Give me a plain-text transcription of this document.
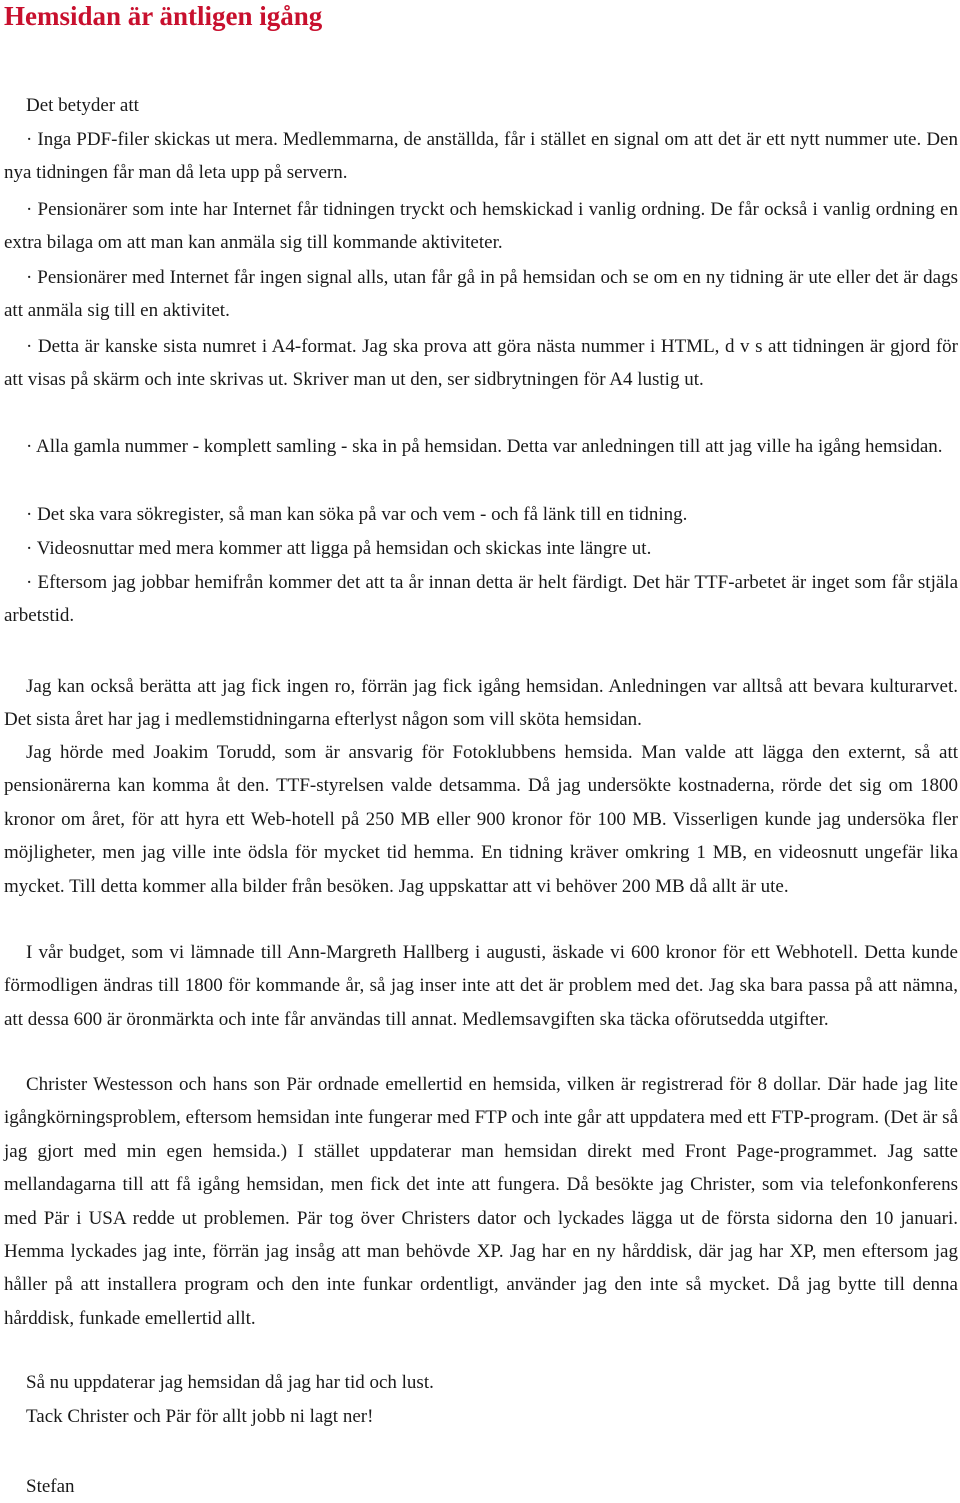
Hemsidan är äntligen igång

Det betyder att

· Inga PDF-filer skickas ut mera. Medlemmarna, de anställda, får i stället en signal om att det är ett nytt nummer ute. Den nya tidningen får man då leta upp på servern.

· Pensionärer som inte har Internet får tidningen tryckt och hemskickad i vanlig ordning. De får också i vanlig ordning en extra bilaga om att man kan anmäla sig till kommande aktiviteter.

· Pensionärer med Internet får ingen signal alls, utan får gå in på hemsidan och se om en ny tidning är ute eller det är dags att anmäla sig till en aktivitet.

· Detta är kanske sista numret i A4-format. Jag ska prova att göra nästa nummer i HTML, d v s att tidningen är gjord för att visas på skärm och inte skrivas ut. Skriver man ut den, ser sidbrytningen för A4 lustig ut.

· Alla gamla nummer - komplett samling - ska in på hemsidan. Detta var anledningen till att jag ville ha igång hemsidan.

· Det ska vara sökregister, så man kan söka på var och vem - och få länk till en tidning.

· Videosnuttar med mera kommer att ligga på hemsidan och skickas inte längre ut.

· Eftersom jag jobbar hemifrån kommer det att ta år innan detta är helt färdigt. Det här TTF-arbetet är inget som får stjäla arbetstid.

Jag kan också berätta att jag fick ingen ro, förrän jag fick igång hemsidan. Anledningen var alltså att bevara kulturarvet. Det sista året har jag i medlemstidningarna efterlyst någon som vill sköta hemsidan.

Jag hörde med Joakim Torudd, som är ansvarig för Fotoklubbens hemsida. Man valde att lägga den externt, så att pensionärerna kan komma åt den. TTF-styrelsen valde detsamma. Då jag undersökte kostnaderna, rörde det sig om 1800 kronor om året, för att hyra ett Web-hotell på 250 MB eller 900 kronor för 100 MB. Visserligen kunde jag undersöka fler möjligheter, men jag ville inte ödsla för mycket tid hemma. En tidning kräver omkring 1 MB, en videosnutt ungefär lika mycket. Till detta kommer alla bilder från besöken. Jag uppskattar att vi behöver 200 MB då allt är ute.

I vår budget, som vi lämnade till Ann-Margreth Hallberg i augusti, äskade vi 600 kronor för ett Webhotell. Detta kunde förmodligen ändras till 1800 för kommande år, så jag inser inte att det är problem med det. Jag ska bara passa på att nämna, att dessa 600 är öronmärkta och inte får användas till annat. Medlemsavgiften ska täcka oförutsedda utgifter.

Christer Westesson och hans son Pär ordnade emellertid en hemsida, vilken är registrerad för 8 dollar. Där hade jag lite igångkörningsproblem, eftersom hemsidan inte fungerar med FTP och inte går att uppdatera med ett FTP-program. (Det är så jag gjort med min egen hemsida.) I stället uppdaterar man hemsidan direkt med Front Page-programmet. Jag satte mellandagarna till att få igång hemsidan, men fick det inte att fungera. Då besökte jag Christer, som via telefonkonferens med Pär i USA redde ut problemen. Pär tog över Christers dator och lyckades lägga ut de första sidorna den 10 januari. Hemma lyckades jag inte, förrän jag insåg att man behövde XP. Jag har en ny hårddisk, där jag har XP, men eftersom jag håller på att installera program och den inte funkar ordentligt, använder jag den inte så mycket. Då jag bytte till denna hårddisk, funkade emellertid allt.

Så nu uppdaterar jag hemsidan då jag har tid och lust.

Tack Christer och Pär för allt jobb ni lagt ner!

Stefan
